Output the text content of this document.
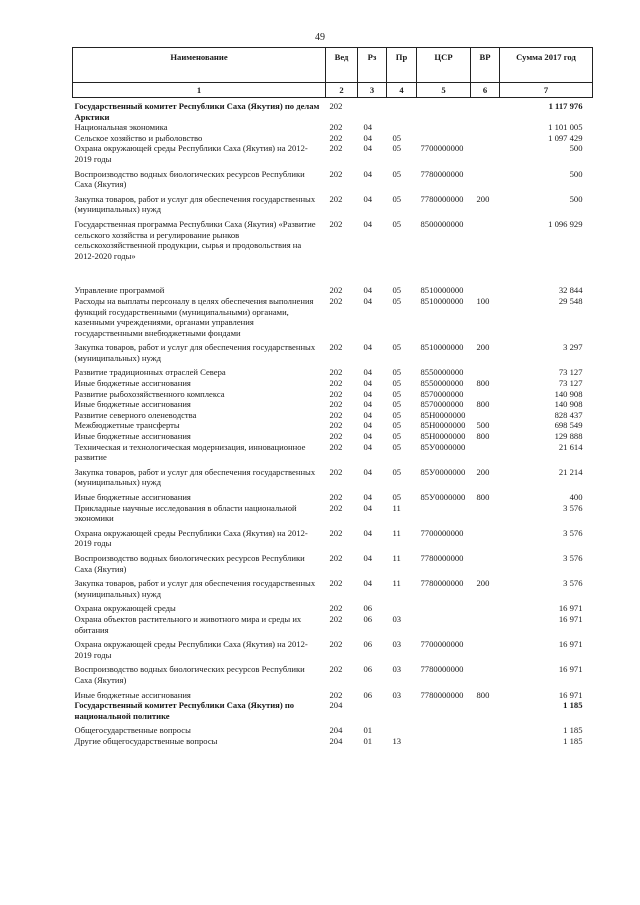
49
Наименование	Вед	Рз	Пр	ЦСР	ВР	Сумма 2017 год
1	2	3	4	5	6	7
Государственный комитет Республики Саха (Якутия) по делам Арктики	202					1 117 976
Национальная экономика	202	04				1 101 005
Сельское хозяйство и рыболовство	202	04	05			1 097 429
Охрана окружающей среды Республики Саха (Якутия) на 2012-2019 годы	202	04	05	7700000000		500
Воспроизводство водных биологических ресурсов Республики Саха (Якутия)	202	04	05	7780000000		500
Закупка товаров, работ и услуг для обеспечения государственных (муниципальных) нужд	202	04	05	7780000000	200	500
Государственная программа Республики Саха (Якутия) «Развитие сельского хозяйства и регулирование рынков сельскохозяйственной продукции, сырья и продовольствия на 2012-2020 годы»	202	04	05	8500000000		1 096 929
Управление программой	202	04	05	8510000000		32 844
Расходы на выплаты персоналу в целях обеспечения выполнения функций государственными (муниципальными) органами, казенными учреждениями, органами управления государственными внебюджетными фондами	202	04	05	8510000000	100	29 548
Закупка товаров, работ и услуг для обеспечения государственных (муниципальных) нужд	202	04	05	8510000000	200	3 297
Развитие традиционных отраслей Севера	202	04	05	8550000000		73 127
Иные бюджетные ассигнования	202	04	05	8550000000	800	73 127
Развитие рыбохозяйственного комплекса	202	04	05	8570000000		140 908
Иные бюджетные ассигнования	202	04	05	8570000000	800	140 908
Развитие северного оленеводства	202	04	05	85Н0000000		828 437
Межбюджетные трансферты	202	04	05	85Н0000000	500	698 549
Иные бюджетные ассигнования	202	04	05	85Н0000000	800	129 888
Техническая и технологическая модернизация, инновационное развитие	202	04	05	85У0000000		21 614
Закупка товаров, работ и услуг для обеспечения государственных (муниципальных) нужд	202	04	05	85У0000000	200	21 214
Иные бюджетные ассигнования	202	04	05	85У0000000	800	400
Прикладные научные исследования в области национальной экономики	202	04	11			3 576
Охрана окружающей среды Республики Саха (Якутия) на 2012-2019 годы	202	04	11	7700000000		3 576
Воспроизводство водных биологических ресурсов Республики Саха (Якутия)	202	04	11	7780000000		3 576
Закупка товаров, работ и услуг для обеспечения государственных (муниципальных) нужд	202	04	11	7780000000	200	3 576
Охрана окружающей среды	202	06				16 971
Охрана объектов растительного и животного мира и среды их обитания	202	06	03			16 971
Охрана окружающей среды Республики Саха (Якутия) на 2012-2019 годы	202	06	03	7700000000		16 971
Воспроизводство водных биологических ресурсов Республики Саха (Якутия)	202	06	03	7780000000		16 971
Иные бюджетные ассигнования	202	06	03	7780000000	800	16 971
Государственный комитет Республики Саха (Якутия) по национальной политике	204					1 185
Общегосударственные вопросы	204	01				1 185
Другие общегосударственные вопросы	204	01	13			1 185
